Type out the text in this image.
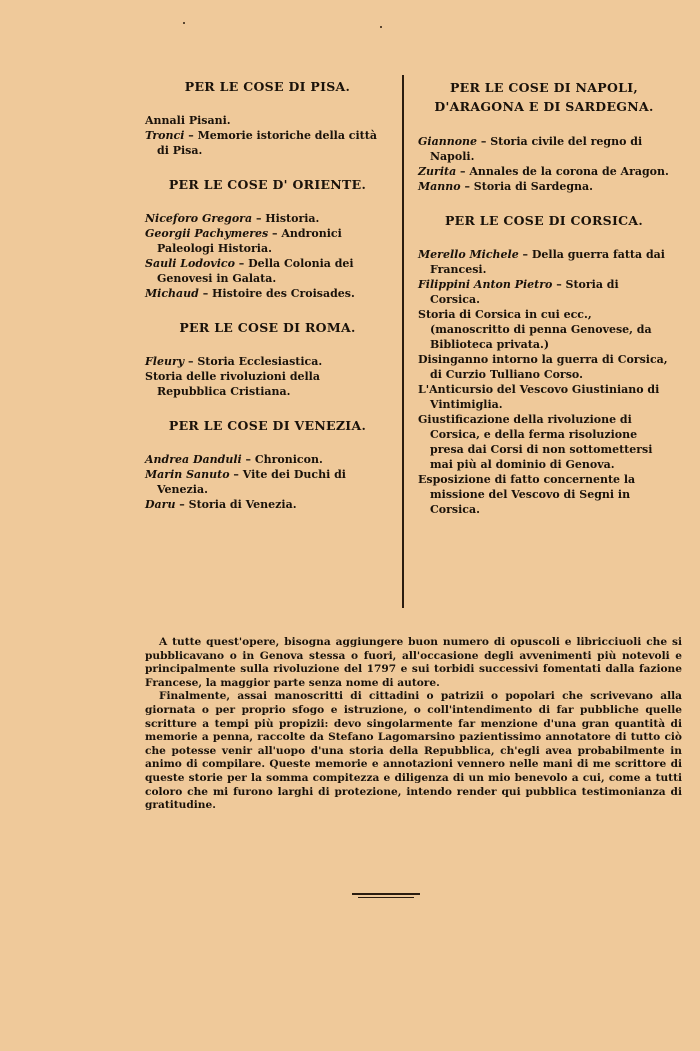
PER LE COSE DI PISA.
Annali Pisani.
Tronci – Memorie istoriche della città di Pisa.
PER LE COSE D' ORIENTE.
Niceforo Gregora – Historia.
Georgii Pachymeres – Andronici Paleologi Historia.
Sauli Lodovico – Della Colonia dei Genovesi in Galata.
Michaud – Histoire des Croisades.
PER LE COSE DI ROMA.
Fleury – Storia Ecclesiastica.
Storia delle rivoluzioni della Repubblica Cristiana.
PER LE COSE DI VENEZIA.
Andrea Danduli – Chronicon.
Marin Sanuto – Vite dei Duchi di Venezia.
Daru – Storia di Venezia.
PER LE COSE DI NAPOLI, D'ARAGONA E DI SARDEGNA.
Giannone – Storia civile del regno di Napoli.
Zurita – Annales de la corona de Aragon.
Manno – Storia di Sardegna.
PER LE COSE DI CORSICA.
Merello Michele – Della guerra fatta dai Francesi.
Filippini Anton Pietro – Storia di Corsica.
Storia di Corsica in cui ecc., (manoscritto di penna Genovese, da Biblioteca privata.)
Disinganno intorno la guerra di Corsica, di Curzio Tulliano Corso.
L'Anticursio del Vescovo Giustiniano di Vintimiglia.
Giustificazione della rivoluzione di Corsica, e della ferma risoluzione presa dai Corsi di non sottomettersi mai più al dominio di Genova.
Esposizione di fatto concernente la missione del Vescovo di Segni in Corsica.

A tutte quest'opere, bisogna aggiungere buon numero di opuscoli e libricciuoli che si pubblicavano o in Genova stessa o fuori, all'occasione degli avvenimenti più notevoli e principalmente sulla rivoluzione del 1797 e sui torbidi successivi fomentati dalla fazione Francese, la maggior parte senza nome di autore.

Finalmente, assai manoscritti di cittadini o patrizii o popolari che scrivevano alla giornata o per proprio sfogo e istruzione, o coll'intendimento di far pubbliche quelle scritture a tempi più propizii: devo singolarmente far menzione d'una gran quantità di memorie a penna, raccolte da Stefano Lagomarsino pazientissimo annotatore di tutto ciò che potesse venir all'uopo d'una storia della Repubblica, ch'egli avea probabilmente in animo di compilare. Queste memorie e annotazioni vennero nelle mani di me scrittore di queste storie per la somma compitezza e diligenza di un mio benevolo a cui, come a tutti coloro che mi furono larghi di protezione, intendo render qui pubblica testimonianza di gratitudine.
